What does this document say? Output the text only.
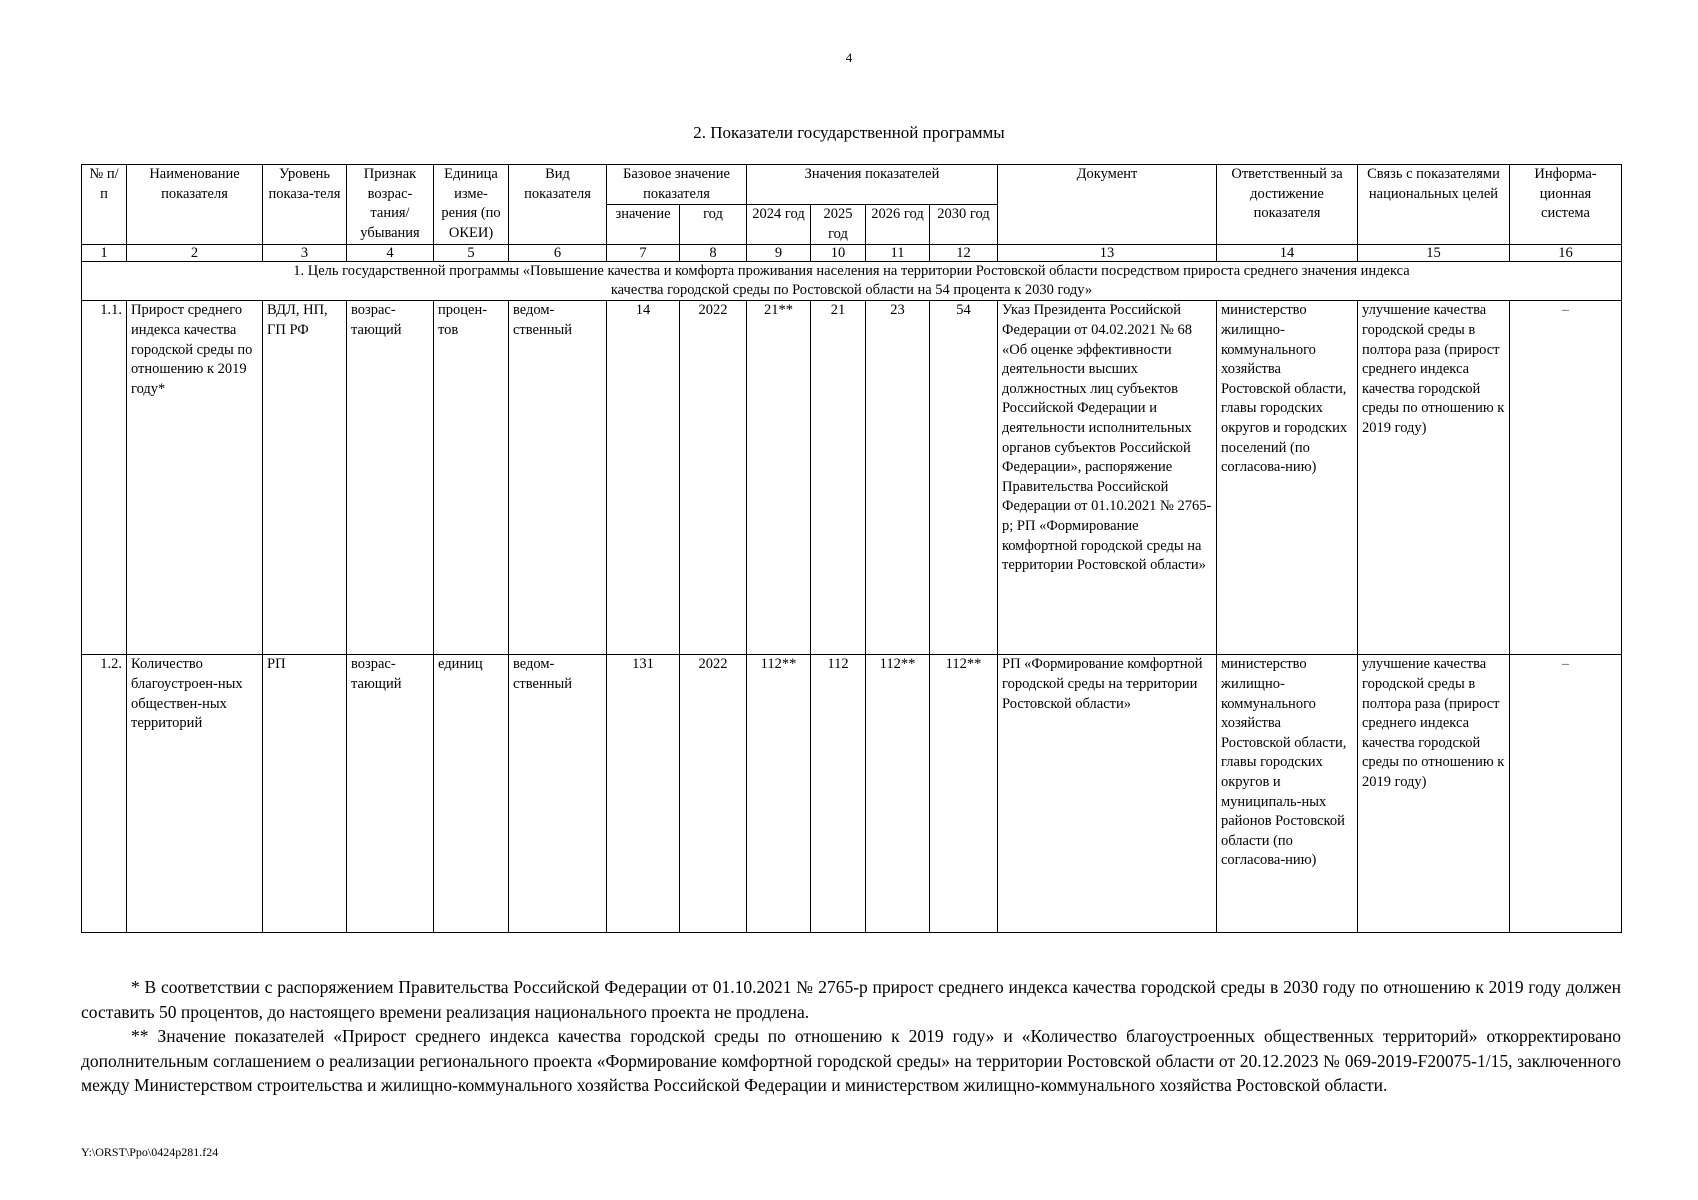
4
2. Показатели государственной программы
№ п/п	Наименование показателя	Уровень показа-теля	Признак возрас-тания/ убывания	Единица изме-рения (по ОКЕИ)	Вид показателя	Базовое значение показателя		Значения показателей				Документ	Ответственный за достижение показателя	Связь с показателями национальных целей	Информа-ционная система
						значение	год	2024 год	2025 год	2026 год	2030 год				

1	2	3	4	5	6	7	8	9	10	11	12	13	14	15	16
1. Цель государственной программы «Повышение качества и комфорта проживания населения на территории Ростовской области посредством прироста среднего значения индекса качества городской среды по Ростовской области на 54 процента к 2030 году»															
1.1.	Прирост среднего индекса качества городской среды по отношению к 2019 году*	ВДЛ, НП, ГП РФ	возрас-тающий	процен-тов	ведом-ственный	14	2022	21**	21	23	54	Указ Президента Российской Федерации от 04.02.2021 № 68 «Об оценке эффективности деятельности высших должностных лиц субъектов Российской Федерации и деятельности исполнительных органов субъектов Российской Федерации», распоряжение Правительства Российской Федерации от 01.10.2021 № 2765-р; РП «Формирование комфортной городской среды на территории Ростовской области»	министерство жилищно-коммунального хозяйства Ростовской области, главы городских округов и городских поселений (по согласова-нию)	улучшение качества городской среды в полтора раза (прирост среднего индекса качества городской среды по отношению к 2019 году)	–
1.2.	Количество благоустроен-ных обществен-ных территорий	РП	возрас-тающий	единиц	ведом-ственный	131	2022	112**	112	112**	112**	РП «Формирование комфортной городской среды на территории Ростовской области»	министерство жилищно-коммунального хозяйства Ростовской области, главы городских округов и муниципаль-ных районов Ростовской области (по согласова-нию)	улучшение качества городской среды в полтора раза (прирост среднего индекса качества городской среды по отношению к 2019 году)	–

* В соответствии с распоряжением Правительства Российской Федерации от 01.10.2021 № 2765-р прирост среднего индекса качества городской среды в 2030 году по отношению к 2019 году должен составить 50 процентов, до настоящего времени реализация национального проекта не продлена.

** Значение показателей «Прирост среднего индекса качества городской среды по отношению к 2019 году» и «Количество благоустроенных общественных территорий» откорректировано дополнительным соглашением о реализации регионального проекта «Формирование комфортной городской среды» на территории Ростовской области от 20.12.2023 № 069-2019-F20075-1/15, заключенного между Министерством строительства и жилищно-коммунального хозяйства Российской Федерации и министерством жилищно-коммунального хозяйства Ростовской области.

Y:\ORST\Ppo\0424p281.f24
